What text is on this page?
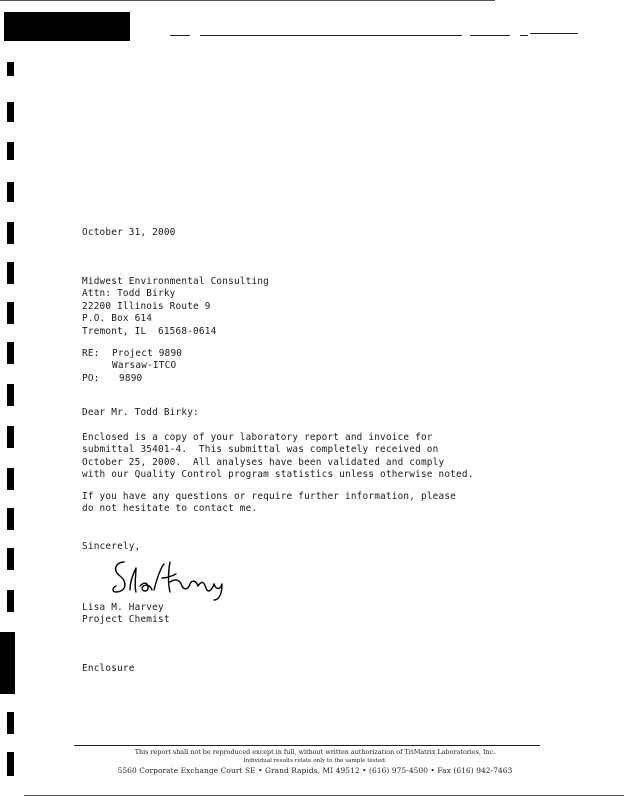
October 31, 2000
Midwest Environmental Consulting
Attn: Todd Birky
22200 Illinois Route 9
P.O. Box 614
Tremont, IL  61568-0614
RE:	Project 9890
Warsaw-ITCO
PO:	9890
Dear Mr. Todd Birky:
Enclosed is a copy of your laboratory report and invoice for
submittal 35401-4.  This submittal was completely received on
October 25, 2000.  All analyses have been validated and comply
with our Quality Control program statistics unless otherwise noted.
If you have any questions or require further information, please
do not hesitate to contact me.
Sincerely,
Lisa M. Harvey
Project Chemist
Enclosure
This report shall not be reproduced except in full, without written authorization of TriMatrix Laboratories, Inc.
Individual results relate only to the sample tested.
5560 Corporate Exchange Court SE • Grand Rapids, MI 49512 • (616) 975-4500 • Fax (616) 942-7463
